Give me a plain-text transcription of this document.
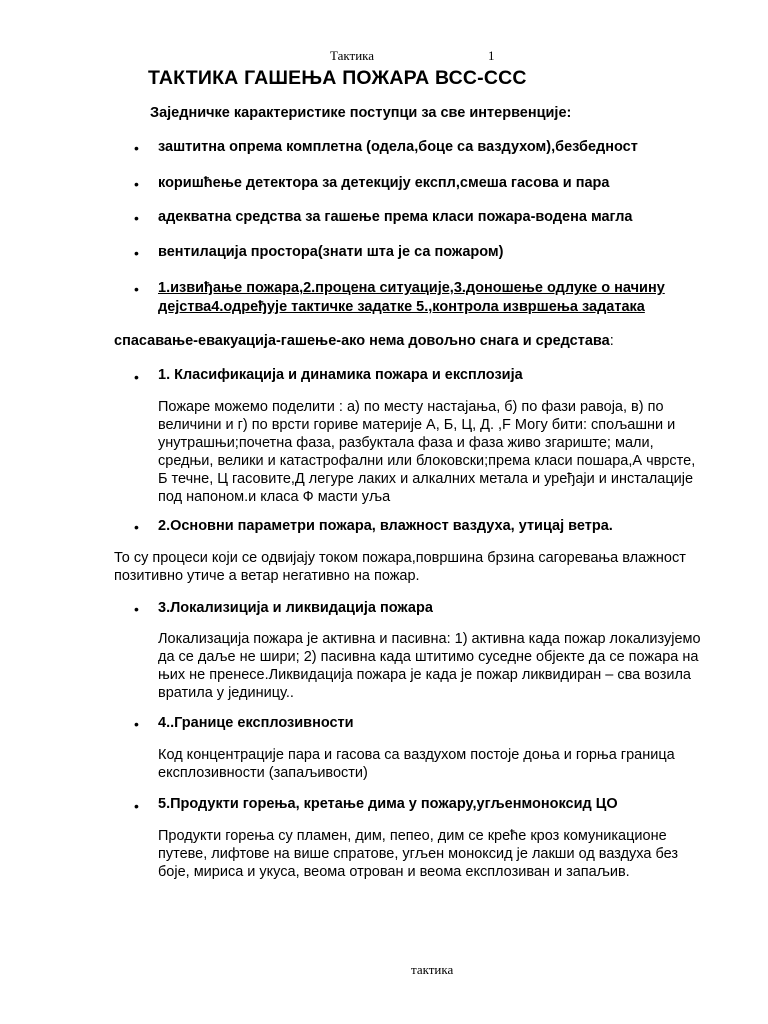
Тактика	1
ТАКТИКА ГАШЕЊА ПОЖАРА ВСС-ССС
Заједничке карактеристике поступци за све интервенције:
• заштитна опрема комплетна (одела,боце са ваздухом),безбедност
• коришћење детектора за детекцију експл,смеша гасова и пара
• адекватна средства за гашење према класи пожара-водена магла
• вентилација простора(знати шта је са пожаром)
• 1.извиђање пожара,2.процена ситуације,3.доношење одлуке о начину
дејства4.одређује тактичке задатке 5.,контрола извршења задатака
спасавање-евакуација-гашење-ако нема довољно снага и средстава:
• 1. Класификација и динамика пожара и експлозија
Пожаре можемо поделити : а) по месту настајања, б) по фази равоја, в) по
величини и г) по врсти гориве материје А, Б, Ц, Д. ,F Могу бити: спољашни и
унутрашњи;почетна фаза, разбуктала фаза и фаза живо згариште; мали,
средњи, велики и катастрофални или блоковски;према класи пошара,А чврсте,
Б течне, Ц гасовите,Д легуре лаких и алкалних метала и уређаји и инсталације
под напоном.и класа Ф масти уља
• 2.Основни параметри пожара, влажност ваздуха, утицај ветра.
То су процеси који се одвијају током пожара,површина брзина сагоревања влажност
позитивно утиче а ветар негативно на пожар.
• 3.Локализиција и ликвидација пожара
Локализација пожара је активна и пасивна: 1) активна када пожар локализујемо
да се даље не шири; 2) пасивна када штитимо суседне објекте да се пожара на
њих не пренесе.Ликвидација пожара је када је пожар ликвидиран – сва возила
вратила у јединицу..
• 4..Границе експлозивности
Код концентрације пара и гасова са ваздухом постоје доња и горња граница
експлозивности (запаљивости)
• 5.Продукти горења, кретање дима у пожару,угљенмоноксид ЦО
Продукти горења су пламен, дим, пепео, дим се креће кроз комуникационе
путеве, лифтове на више спратове, угљен моноксид је лакши од ваздуха без
боје, мириса и укуса, веома отрован и веома експлозиван и запаљив.
тактика
